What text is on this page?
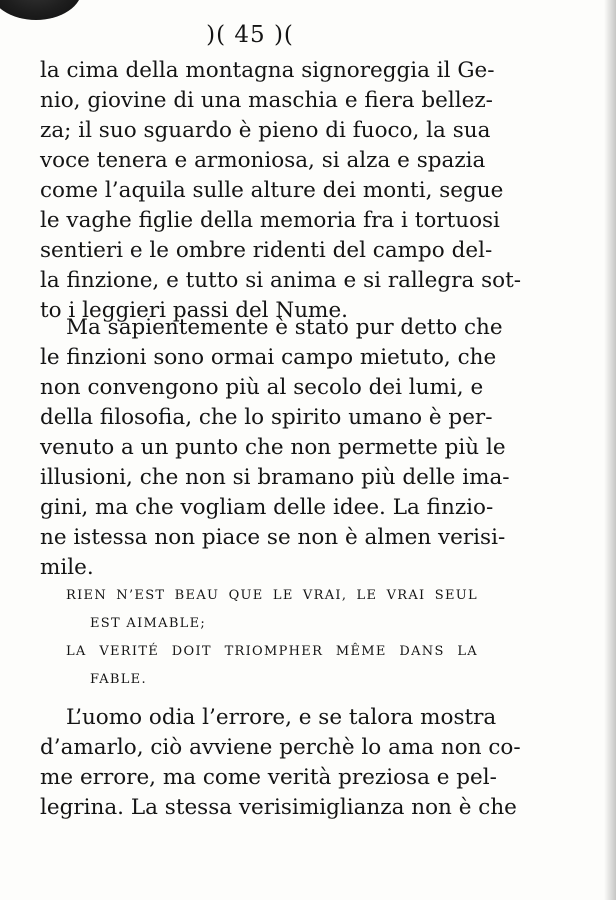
)( 45 )(
la cima della montagna signoreggia il Ge-
nio, giovine di una maschia e fiera bellez-
za; il suo sguardo è pieno di fuoco, la sua
voce tenera e armoniosa, si alza e spazia
come l’aquila sulle alture dei monti, segue
le vaghe figlie della memoria fra i tortuosi
sentieri e le ombre ridenti del campo del-
la finzione, e tutto si anima e si rallegra sot-
to i leggieri passi del Nume.
Ma sapientemente è stato pur detto che
le finzioni sono ormai campo mietuto, che
non convengono più al secolo dei lumi, e
della filosofia, che lo spirito umano è per-
venuto a un punto che non permette più le
illusioni, che non si bramano più delle ima-
gini, ma che vogliam delle idee. La finzio-
ne istessa non piace se non è almen verisi-
mile.
RIEN N’EST BEAU QUE LE VRAI, LE VRAI SEUL
EST AIMABLE;
LA VERITÉ DOIT TRIOMPHER MÊME DANS LA
FABLE.
L’uomo odia l’errore, e se talora mostra
d’amarlo, ciò avviene perchè lo ama non co-
me errore, ma come verità preziosa e pel-
legrina. La stessa verisimiglianza non è che
